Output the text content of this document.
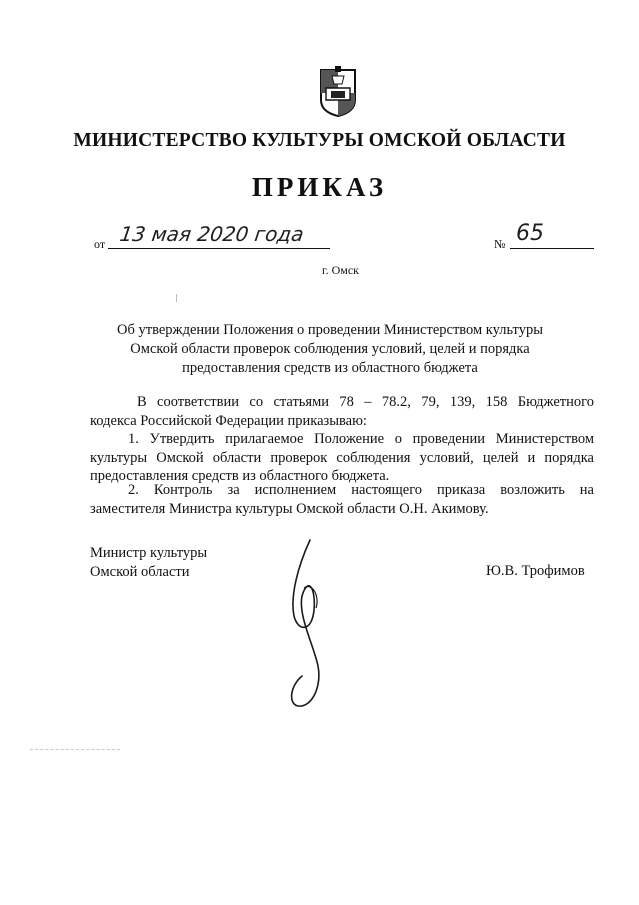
МИНИСТЕРСТВО КУЛЬТУРЫ ОМСКОЙ ОБЛАСТИ
ПРИКАЗ
от 13 мая 2020 года	№ 65
г. Омск
Об утверждении Положения о проведении Министерством культуры
Омской области проверок соблюдения условий, целей и порядка
предоставления средств из областного бюджета
В соответствии со статьями 78 – 78.2, 79, 139, 158 Бюджетного
кодекса Российской Федерации приказываю:
1. Утвердить прилагаемое Положение о проведении Министерством
культуры Омской области проверок соблюдения условий, целей и порядка
предоставления средств из областного бюджета.
2. Контроль за исполнением настоящего приказа возложить на
заместителя Министра культуры Омской области О.Н. Акимову.
Министр культуры
Омской области	Ю.В. Трофимов
